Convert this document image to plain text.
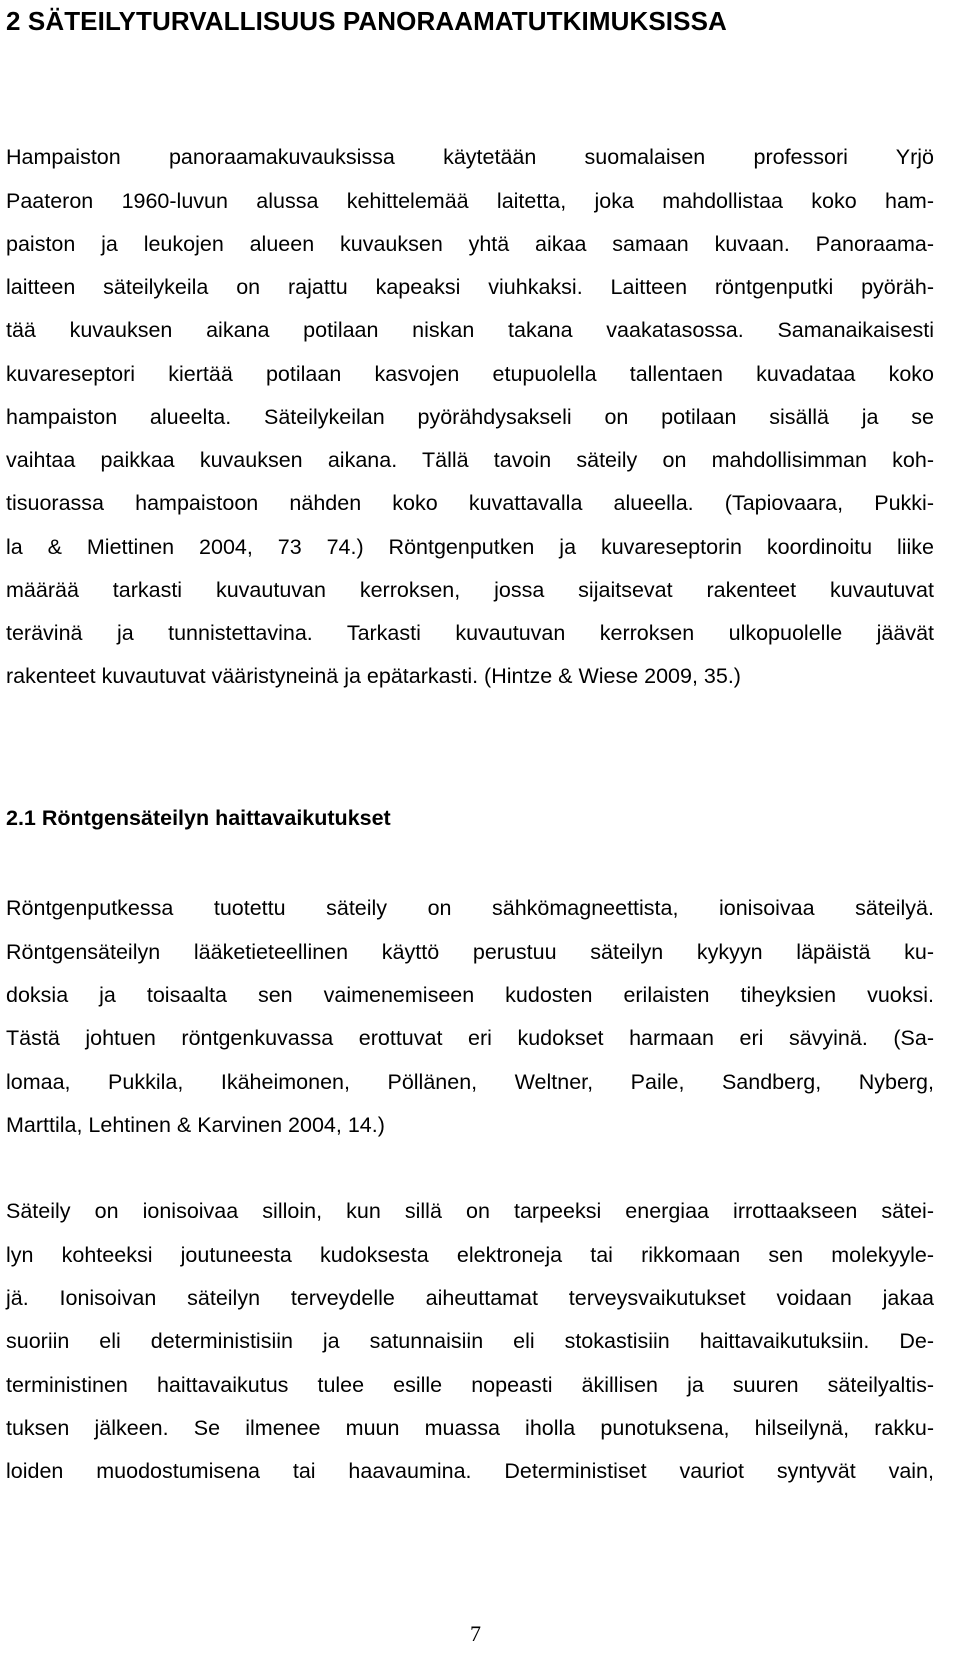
2 SÄTEILYTURVALLISUUS PANORAAMATUTKIMUKSISSA
Hampaiston panoraamakuvauksissa käytetään suomalaisen professori Yrjö
Paateron 1960-luvun alussa kehittelemää laitetta, joka mahdollistaa koko ham-
paiston ja leukojen alueen kuvauksen yhtä aikaa samaan kuvaan. Panoraama-
laitteen säteilykeila on rajattu kapeaksi viuhkaksi. Laitteen röntgenputki pyöräh-
tää kuvauksen aikana potilaan niskan takana vaakatasossa. Samanaikaisesti
kuvareseptori kiertää potilaan kasvojen etupuolella tallentaen kuvadataa koko
hampaiston alueelta. Säteilykeilan pyörähdysakseli on potilaan sisällä ja se
vaihtaa paikkaa kuvauksen aikana. Tällä tavoin säteily on mahdollisimman koh-
tisuorassa hampaistoon nähden koko kuvattavalla alueella. (Tapiovaara, Pukki-
la & Miettinen 2004, 73 74.) Röntgenputken ja kuvareseptorin koordinoitu liike
määrää tarkasti kuvautuvan kerroksen, jossa sijaitsevat rakenteet kuvautuvat
terävinä ja tunnistettavina. Tarkasti kuvautuvan kerroksen ulkopuolelle jäävät
rakenteet kuvautuvat vääristyneinä ja epätarkasti. (Hintze & Wiese 2009, 35.)
2.1 Röntgensäteilyn haittavaikutukset
Röntgenputkessa tuotettu säteily on sähkömagneettista, ionisoivaa säteilyä.
Röntgensäteilyn lääketieteellinen käyttö perustuu säteilyn kykyyn läpäistä ku-
doksia ja toisaalta sen vaimenemiseen kudosten erilaisten tiheyksien vuoksi.
Tästä johtuen röntgenkuvassa erottuvat eri kudokset harmaan eri sävyinä. (Sa-
lomaa, Pukkila, Ikäheimonen, Pöllänen, Weltner, Paile, Sandberg, Nyberg,
Marttila, Lehtinen & Karvinen 2004, 14.)
Säteily on ionisoivaa silloin, kun sillä on tarpeeksi energiaa irrottaakseen sätei-
lyn kohteeksi joutuneesta kudoksesta elektroneja tai rikkomaan sen molekyyle-
jä. Ionisoivan säteilyn terveydelle aiheuttamat terveysvaikutukset voidaan jakaa
suoriin eli deterministisiin ja satunnaisiin eli stokastisiin haittavaikutuksiin. De-
terministinen haittavaikutus tulee esille nopeasti äkillisen ja suuren säteilyaltis-
tuksen jälkeen. Se ilmenee muun muassa iholla punotuksena, hilseilynä, rakku-
loiden muodostumisena tai haavaumina. Deterministiset vauriot syntyvät vain,
7
